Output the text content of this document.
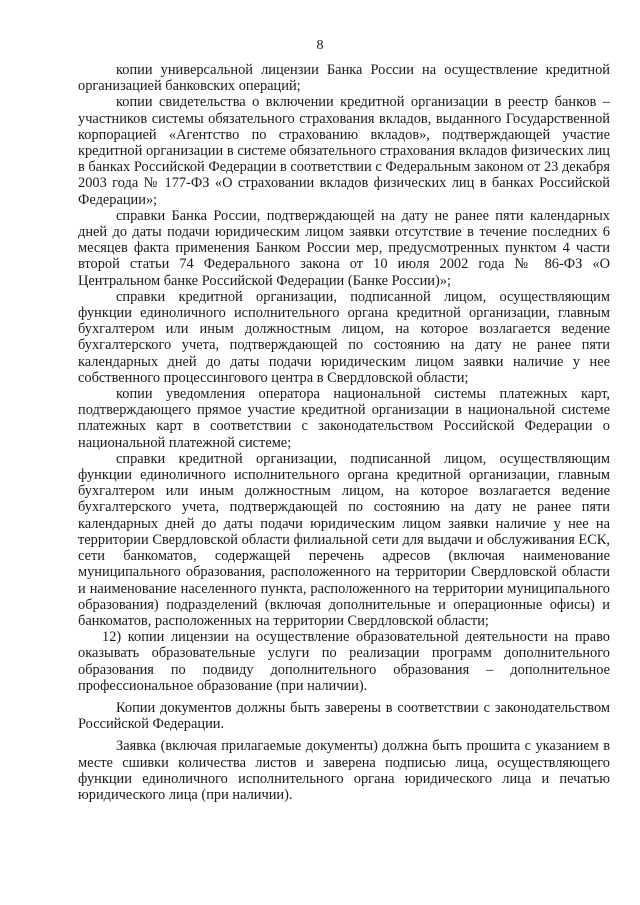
8

копии универсальной лицензии Банка России на осуществление кредитной организацией банковских операций;

копии свидетельства о включении кредитной организации в реестр банков – участников системы обязательного страхования вкладов, выданного Государственной корпорацией «Агентство по страхованию вкладов», подтверждающей участие кредитной организации в системе обязательного страхования вкладов физических лиц в банках Российской Федерации в соответствии с Федеральным законом от 23 декабря 2003 года № 177-ФЗ «О страховании вкладов физических лиц в банках Российской Федерации»;

справки Банка России, подтверждающей на дату не ранее пяти календарных дней до даты подачи юридическим лицом заявки отсутствие в течение последних 6 месяцев факта применения Банком России мер, предусмотренных пунктом 4 части второй статьи 74 Федерального закона от 10 июля 2002 года № 86-ФЗ «О Центральном банке Российской Федерации (Банке России)»;

справки кредитной организации, подписанной лицом, осуществляющим функции единоличного исполнительного органа кредитной организации, главным бухгалтером или иным должностным лицом, на которое возлагается ведение бухгалтерского учета, подтверждающей по состоянию на дату не ранее пяти календарных дней до даты подачи юридическим лицом заявки наличие у нее собственного процессингового центра в Свердловской области;

копии уведомления оператора национальной системы платежных карт, подтверждающего прямое участие кредитной организации в национальной системе платежных карт в соответствии с законодательством Российской Федерации о национальной платежной системе;

справки кредитной организации, подписанной лицом, осуществляющим функции единоличного исполнительного органа кредитной организации, главным бухгалтером или иным должностным лицом, на которое возлагается ведение бухгалтерского учета, подтверждающей по состоянию на дату не ранее пяти календарных дней до даты подачи юридическим лицом заявки наличие у нее на территории Свердловской области филиальной сети для выдачи и обслуживания ЕСК, сети банкоматов, содержащей перечень адресов (включая наименование муниципального образования, расположенного на территории Свердловской области и наименование населенного пункта, расположенного на территории муниципального образования) подразделений (включая дополнительные и операционные офисы) и банкоматов, расположенных на территории Свердловской области;

12) копии лицензии на осуществление образовательной деятельности на право оказывать образовательные услуги по реализации программ дополнительного образования по подвиду дополнительного образования – дополнительное профессиональное образование (при наличии).

Копии документов должны быть заверены в соответствии с законодательством Российской Федерации.

Заявка (включая прилагаемые документы) должна быть прошита с указанием в месте сшивки количества листов и заверена подписью лица, осуществляющего функции единоличного исполнительного органа юридического лица и печатью юридического лица (при наличии).
